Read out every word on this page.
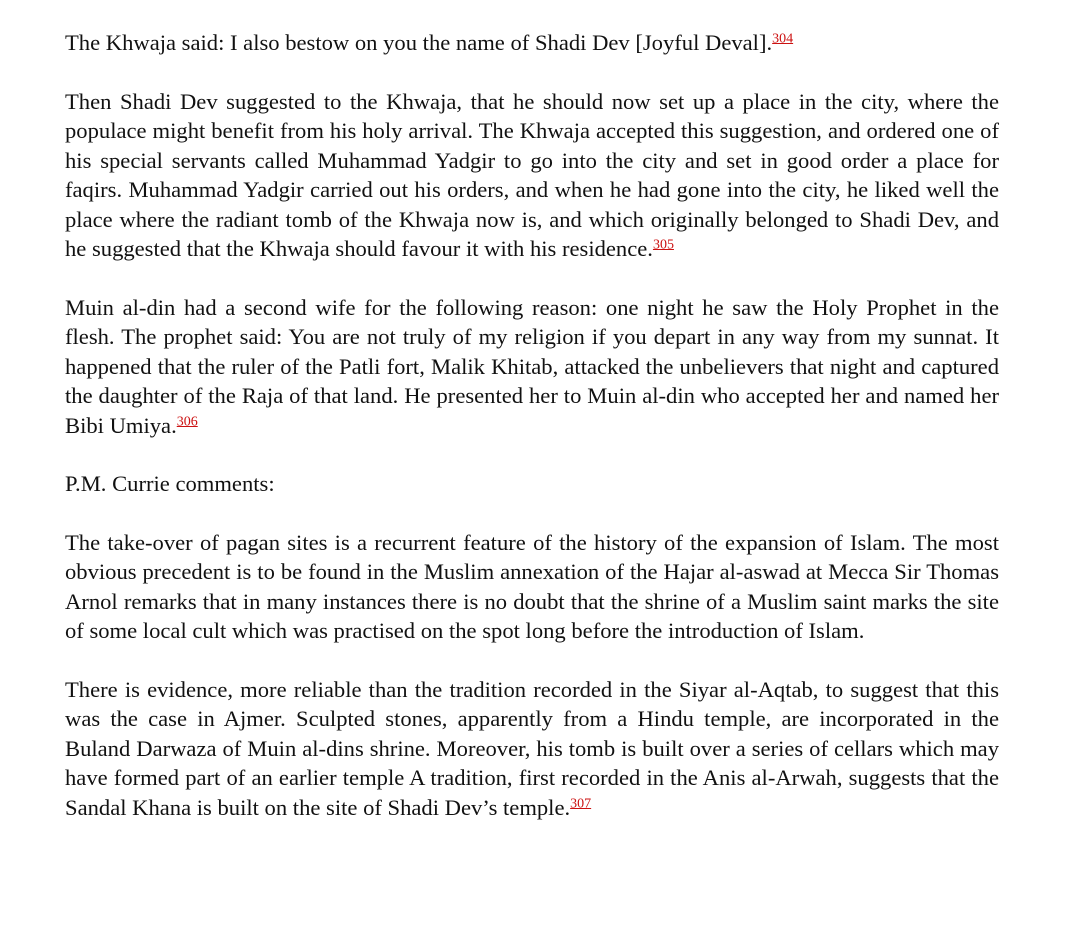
The Khwaja said: I also bestow on you the name of Shadi Dev [Joyful Deval].$^{304}$

Then Shadi Dev suggested to the Khwaja, that he should now set up a place in the city, where the populace might benefit from his holy arrival. The Khwaja accepted this suggestion, and ordered one of his special servants called Muhammad Yadgir to go into the city and set in good order a place for faqirs. Muhammad Yadgir carried out his orders, and when he had gone into the city, he liked well the place where the radiant tomb of the Khwaja now is, and which originally belonged to Shadi Dev, and he suggested that the Khwaja should favour it with his residence.$^{305}$

Muin al-din had a second wife for the following reason: one night he saw the Holy Prophet in the flesh. The prophet said: You are not truly of my religion if you depart in any way from my sunnat. It happened that the ruler of the Patli fort, Malik Khitab, attacked the unbelievers that night and captured the daughter of the Raja of that land. He presented her to Muin al-din who accepted her and named her Bibi Umiya.$^{306}$

P.M. Currie comments:

The take-over of pagan sites is a recurrent feature of the history of the expansion of Islam. The most obvious precedent is to be found in the Muslim annexation of the Hajar al-aswad at Mecca Sir Thomas Arnol remarks that in many instances there is no doubt that the shrine of a Muslim saint marks the site of some local cult which was practised on the spot long before the introduction of Islam.

There is evidence, more reliable than the tradition recorded in the Siyar al-Aqtab, to suggest that this was the case in Ajmer. Sculpted stones, apparently from a Hindu temple, are incorporated in the Buland Darwaza of Muin al-dins shrine. Moreover, his tomb is built over a series of cellars which may have formed part of an earlier temple A tradition, first recorded in the Anis al-Arwah, suggests that the Sandal Khana is built on the site of Shadi Dev’s temple.$^{307}$
